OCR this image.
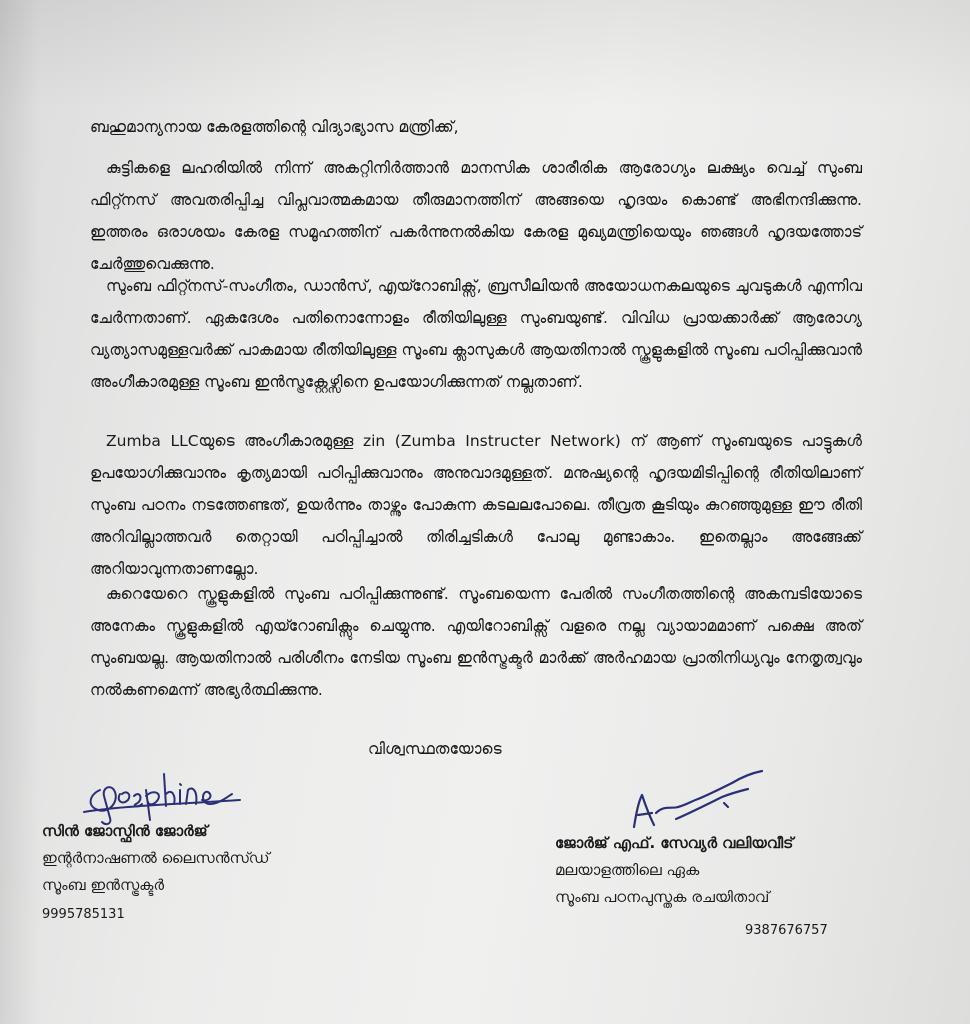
ബഹുമാന്യനായ കേരളത്തിന്റെ വിദ്യാഭ്യാസ മന്ത്രിക്ക്,
കുട്ടികളെ ലഹരിയിൽ നിന്ന് അകറ്റിനിർത്താൻ മാനസിക ശാരീരിക ആരോഗ്യം ലക്ഷ്യം വെച്ച് സുംബ ഫിറ്റ്നസ് അവതരിപ്പിച്ച വിപ്ലവാത്മകമായ തീരുമാനത്തിന് അങ്ങയെ ഹൃദയം കൊണ്ട് അഭിനന്ദിക്കുന്നു. ഇത്തരം ഒരാശയം കേരള സമൂഹത്തിന് പകർന്നുനൽകിയ കേരള മുഖ്യമന്ത്രിയെയും ഞങ്ങൾ ഹൃദയത്തോട് ചേർത്തുവെക്കുന്നു.
സുംബ ഫിറ്റ്നസ്-സംഗീതം, ഡാൻസ്, എയ്റോബിക്സ്, ബ്രസീലിയൻ അയോധനകലയുടെ ചുവടുകൾ എന്നിവ ചേർന്നതാണ്. ഏകദേശം പതിനൊന്നോളം രീതിയിലുള്ള സുംബയുണ്ട്. വിവിധ പ്രായക്കാർക്ക് ആരോഗ്യ വ്യത്യാസമുള്ളവർക്ക് പാകമായ രീതിയിലുള്ള സൂംബ ക്ലാസുകൾ ആയതിനാൽ സ്കൂളുകളിൽ സൂംബ പഠിപ്പിക്കുവാൻ അംഗീകാരമുള്ള സൂംബ ഇൻസ്ട്രക്റ്റേഴ്സിനെ ഉപയോഗിക്കുന്നത് നല്ലതാണ്.
Zumba LLCയുടെ അംഗീകാരമുള്ള zin (Zumba Instructer Network) ന് ആണ് സൂംബയുടെ പാട്ടുകൾ ഉപയോഗിക്കുവാനും കൃത്യമായി പഠിപ്പിക്കുവാനും അനുവാദമുള്ളത്. മനുഷ്യന്റെ ഹൃദയമിടിപ്പിന്റെ രീതിയിലാണ് സുംബ പഠനം നടത്തേണ്ടത്, ഉയർന്നും താഴ്ന്നും പോകുന്ന കടലലപോലെ. തീവ്രത കൂടിയും കുറഞ്ഞുമുള്ള ഈ രീതി അറിവില്ലാത്തവർ തെറ്റായി പഠിപ്പിച്ചാൽ തിരിച്ചടികൾ പോലു മുണ്ടാകാം. ഇതെല്ലാം അങ്ങേക്ക് അറിയാവുന്നതാണല്ലോ.
കുറെയേറെ സ്കൂളുകളിൽ സുംബ പഠിപ്പിക്കുന്നുണ്ട്. സൂംബയെന്ന പേരിൽ സംഗീതത്തിന്റെ അകമ്പടിയോടെ അനേകം സ്കൂളുകളിൽ എയ്റോബിക്സും ചെയ്യുന്നു. എയിറോബിക്സ് വളരെ നല്ല വ്യായാമമാണ് പക്ഷെ അത് സുംബയല്ല. ആയതിനാൽ പരിശീനം നേടിയ സൂംബ ഇൻസ്ട്രക്ടർ മാർക്ക് അർഹമായ പ്രാതിനിധ്യവും നേതൃത്വവും നൽകണമെന്ന് അഭ്യർത്ഥിക്കുന്നു.
വിശ്വസ്ഥതയോടെ
സിൻ ജോസ്ഫിൻ ജോർജ്
ഇന്റർനാഷണൽ ലൈസൻസ്ഡ്
സൂംബ ഇൻസ്ട്രക്ടർ
9995785131
ജോർജ് എഫ്. സേവ്യർ വലിയവീട്
മലയാളത്തിലെ ഏക
സൂംബ പഠനപുസ്തക രചയിതാവ്
9387676757
